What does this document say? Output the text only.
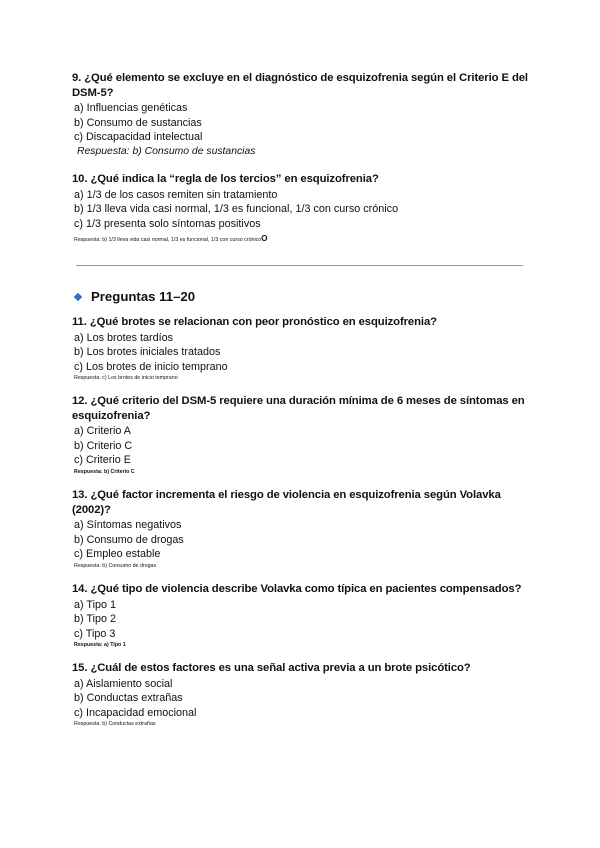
9. ¿Qué elemento se excluye en el diagnóstico de esquizofrenia según el Criterio E del DSM-5?

a) Influencias genéticas
b) Consumo de sustancias
c) Discapacidad intelectual
Respuesta: b) Consumo de sustancias

10. ¿Qué indica la “regla de los tercios” en esquizofrenia?

a) 1/3 de los casos remiten sin tratamiento
b) 1/3 lleva vida casi normal, 1/3 es funcional, 1/3 con curso crónico
c) 1/3 presenta solo síntomas positivos
Respuesta: b) 1/3 lleva vida casi normal, 1/3 es funcional, 1/3 con curso crónicoO
Preguntas 11–20

11. ¿Qué brotes se relacionan con peor pronóstico en esquizofrenia?

a) Los brotes tardíos
b) Los brotes iniciales tratados
c) Los brotes de inicio temprano
Respuesta: c) Los brotes de inicio temprano

12. ¿Qué criterio del DSM-5 requiere una duración mínima de 6 meses de síntomas en esquizofrenia?

a) Criterio A
b) Criterio C
c) Criterio E
Respuesta: b) Criterio C

13. ¿Qué factor incrementa el riesgo de violencia en esquizofrenia según Volavka (2002)?

a) Síntomas negativos
b) Consumo de drogas
c) Empleo estable
Respuesta: b) Consumo de drogas

14. ¿Qué tipo de violencia describe Volavka como típica en pacientes compensados?

a) Tipo 1
b) Tipo 2
c) Tipo 3
Respuesta: a) Tipo 1

15. ¿Cuál de estos factores es una señal activa previa a un brote psicótico?

a) Aislamiento social
b) Conductas extrañas
c) Incapacidad emocional
Respuesta: b) Conductas extrañas
